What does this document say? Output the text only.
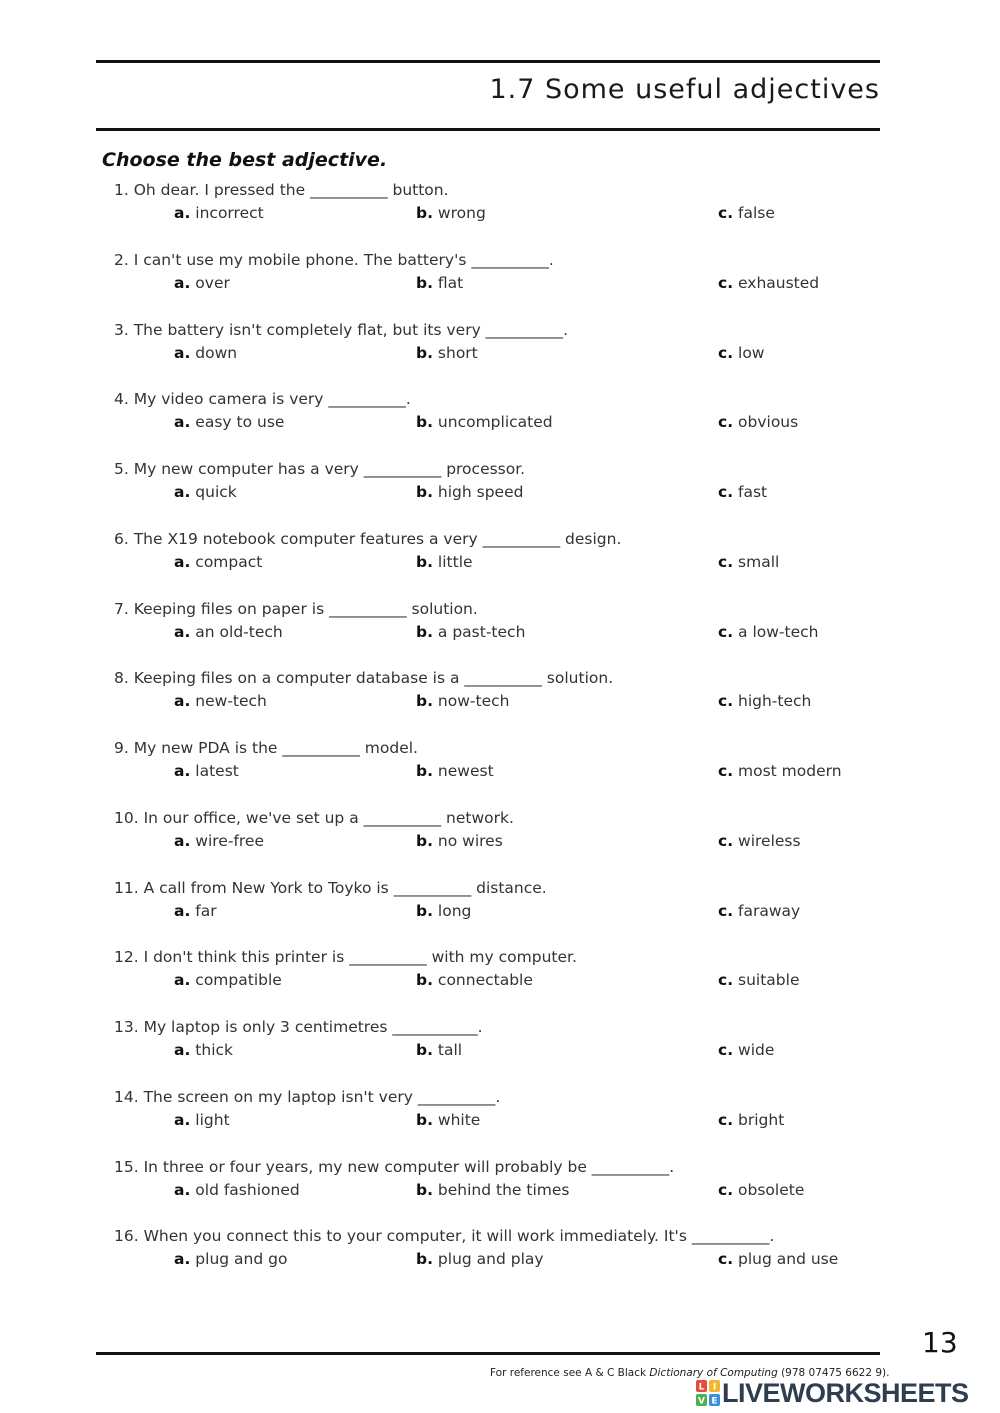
1.7 Some useful adjectives
Choose the best adjective.
1. Oh dear. I pressed the __________ button.
a. incorrect	b. wrong	c. false
2. I can't use my mobile phone. The battery's __________.
a. over	b. flat	c. exhausted
3. The battery isn't completely flat, but its very __________.
a. down	b. short	c. low
4. My video camera is very __________.
a. easy to use	b. uncomplicated	c. obvious
5. My new computer has a very __________ processor.
a. quick	b. high speed	c. fast
6. The X19 notebook computer features a very __________ design.
a. compact	b. little	c. small
7. Keeping files on paper is __________ solution.
a. an old-tech	b. a past-tech	c. a low-tech
8. Keeping files on a computer database is a __________ solution.
a. new-tech	b. now-tech	c. high-tech
9. My new PDA is the __________ model.
a. latest	b. newest	c. most modern
10. In our office, we've set up a __________ network.
a. wire-free	b. no wires	c. wireless
11. A call from New York to Toyko is __________ distance.
a. far	b. long	c. faraway
12. I don't think this printer is __________ with my computer.
a. compatible	b. connectable	c. suitable
13. My laptop is only 3 centimetres ___________.
a. thick	b. tall	c. wide
14. The screen on my laptop isn't very __________.
a. light	b. white	c. bright
15. In three or four years, my new computer will probably be __________.
a. old fashioned	b. behind the times	c. obsolete
16. When you connect this to your computer, it will work immediately. It's __________.
a. plug and go	b. plug and play	c. plug and use
13
For reference see A & C Black Dictionary of Computing (978 07475 6622 9).
L I
V E LIVEWORKSHEETS
